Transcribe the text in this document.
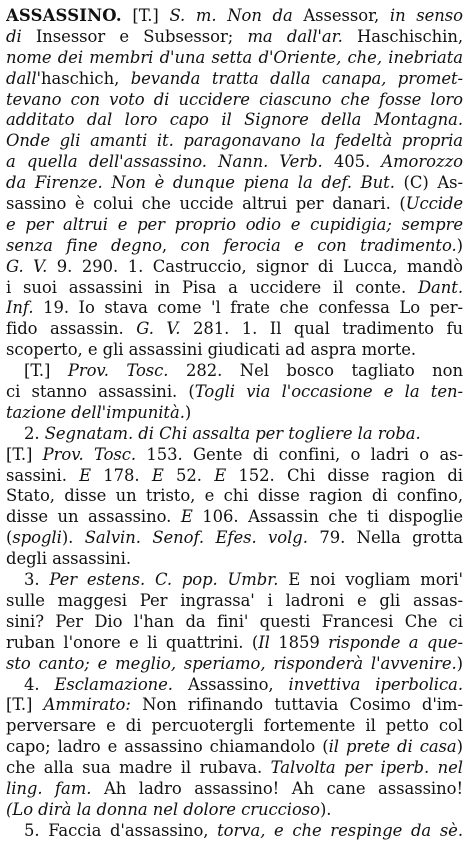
ASSASSINO. [T.] S. m. Non da Assessor, in senso
di Insessor e Subsessor; ma dall'ar. Haschischin,
nome dei membri d'una setta d'Oriente, che, inebriata
dall'haschich, bevanda tratta dalla canapa, promet-
tevano con voto di uccidere ciascuno che fosse loro
additato dal loro capo il Signore della Montagna.
Onde gli amanti it. paragonavano la fedeltà propria
a quella dell'assassino. Nann. Verb. 405. Amorozzo
da Firenze. Non è dunque piena la def. But. (C) As-
sassino è colui che uccide altrui per danari. (Uccide
e per altrui e per proprio odio e cupidigia; sempre
senza fine degno, con ferocia e con tradimento.)
G. V. 9. 290. 1. Castruccio, signor di Lucca, mandò
i suoi assassini in Pisa a uccidere il conte. Dant.
Inf. 19. Io stava come 'l frate che confessa Lo per-
fido assassin. G. V. 281. 1. Il qual tradimento fu
scoperto, e gli assassini giudicati ad aspra morte.
[T.] Prov. Tosc. 282. Nel bosco tagliato non
ci stanno assassini. (Togli via l'occasione e la ten-
tazione dell'impunità.)
2. Segnatam. di Chi assalta per togliere la roba.
[T.] Prov. Tosc. 153. Gente di confini, o ladri o as-
sassini. E 178. E 52. E 152. Chi disse ragion di
Stato, disse un tristo, e chi disse ragion di confino,
disse un assassino. E 106. Assassin che ti dispoglie
(spogli). Salvin. Senof. Efes. volg. 79. Nella grotta
degli assassini.
3. Per estens. C. pop. Umbr. E noi vogliam mori'
sulle maggesi Per ingrassa' i ladroni e gli assas-
sini? Per Dio l'han da fini' questi Francesi Che ci
ruban l'onore e li quattrini. (Il 1859 risponde a que-
sto canto; e meglio, speriamo, risponderà l'avvenire.)
4. Esclamazione. Assassino, invettiva iperbolica.
[T.] Ammirato: Non rifinando tuttavia Cosimo d'im-
perversare e di percuotergli fortemente il petto col
capo; ladro e assassino chiamandolo (il prete di casa)
che alla sua madre il rubava. Talvolta per iperb. nel
ling. fam. Ah ladro assassino! Ah cane assassino!
(Lo dirà la donna nel dolore cruccioso).
5. Faccia d'assassino, torva, e che respinge da sè.
